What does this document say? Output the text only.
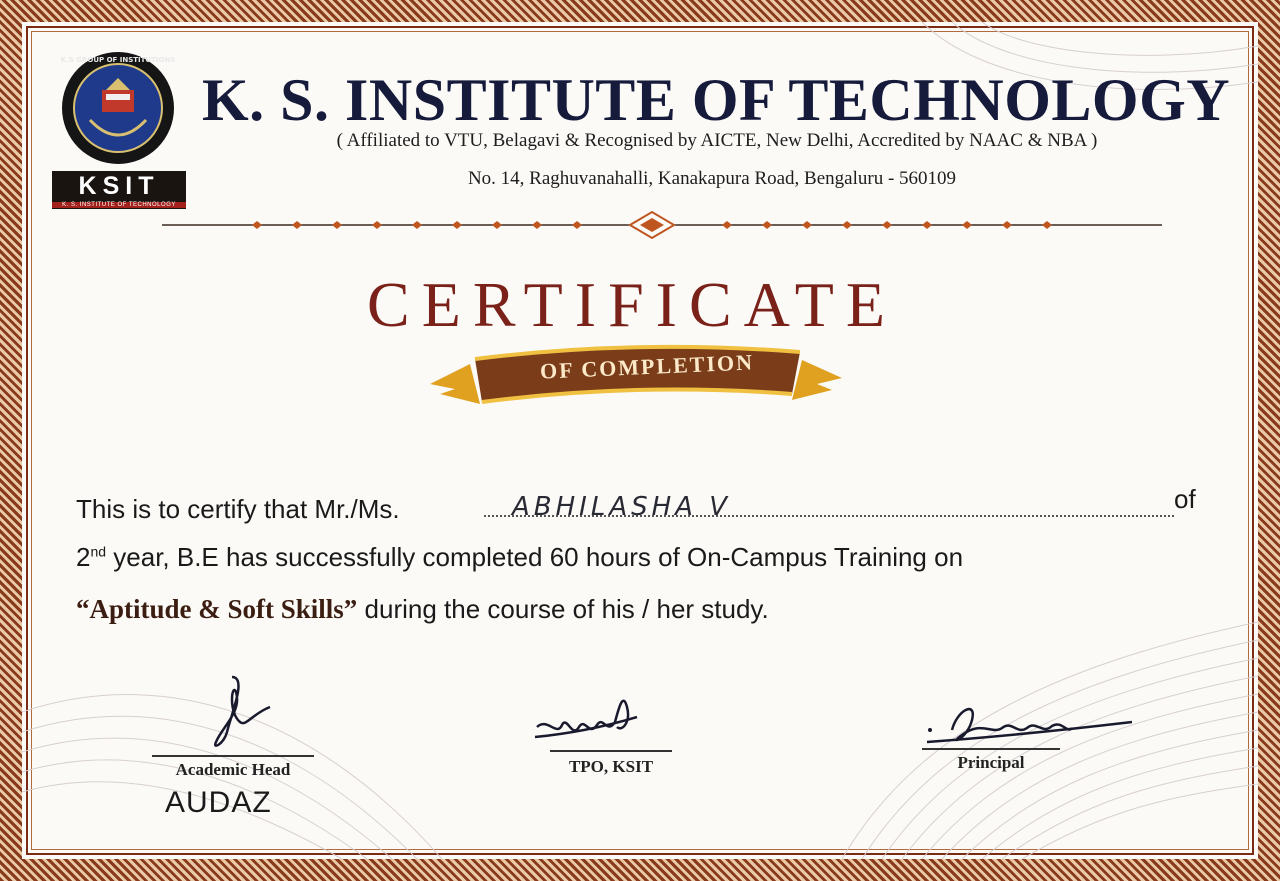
K.S GROUP OF INSTITUTIONS
KSIT
K. S. INSTITUTE OF TECHNOLOGY
K. S. INSTITUTE OF TECHNOLOGY
( Affiliated to VTU, Belagavi & Recognised by AICTE, New Delhi, Accredited by NAAC & NBA )
No. 14, Raghuvanahalli, Kanakapura Road, Bengaluru - 560109
CERTIFICATE
OF COMPLETION
This is to certify that Mr./Ms.	ABHILASHA V	of
2nd year, B.E has successfully completed 60 hours of On-Campus Training on
“Aptitude & Soft Skills” during the course of his / her study.
Academic Head
AUDAZ
TPO, KSIT	Principal
